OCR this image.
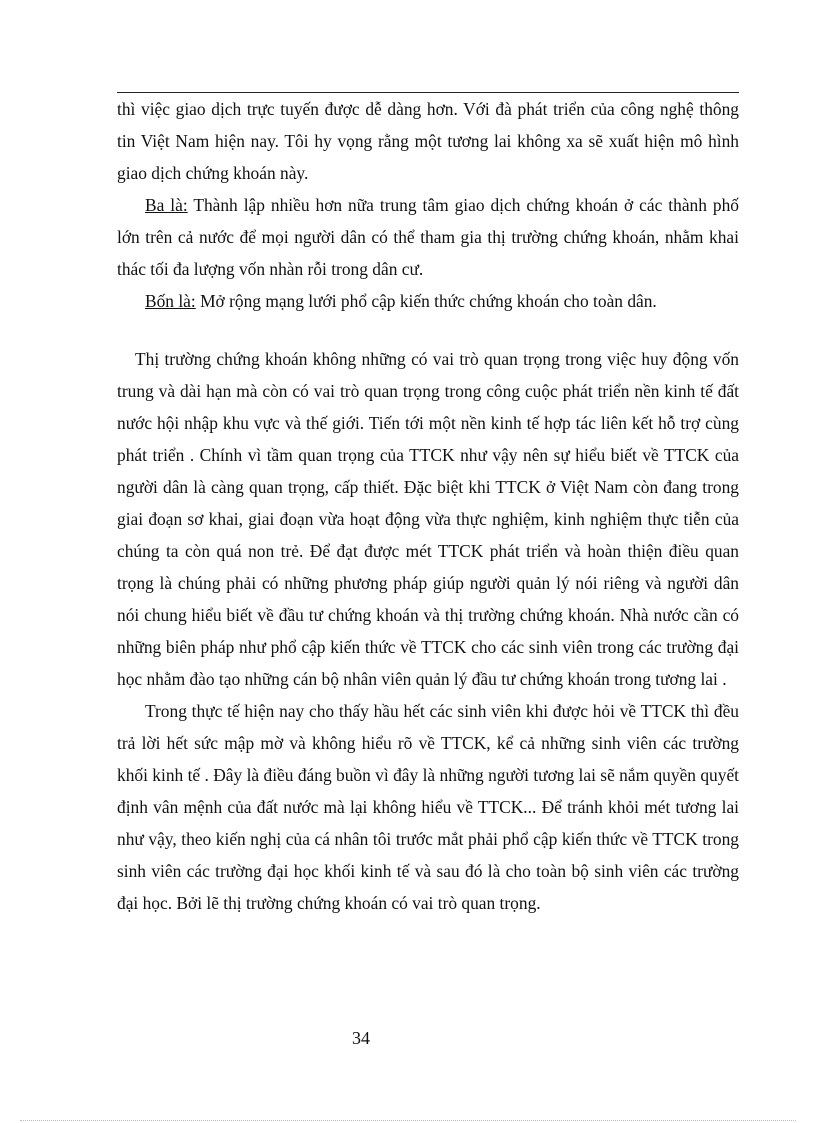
thì việc giao dịch trực tuyến được dễ dàng hơn. Với đà phát triển của công nghệ thông tin Việt Nam hiện nay. Tôi hy vọng rằng một tương lai không xa sẽ xuất hiện mô hình giao dịch chứng khoán này.

Ba là: Thành lập nhiều hơn nữa trung tâm giao dịch chứng khoán ở các thành phố lớn trên cả nước để mọi người dân có thể tham gia thị trường chứng khoán, nhằm khai thác tối đa lượng vốn nhàn rỗi trong dân cư.

Bốn là: Mở rộng mạng lưới phổ cập kiến thức chứng khoán cho toàn dân.

Thị trường chứng khoán không những có vai trò quan trọng trong việc huy động vốn trung và dài hạn mà còn có vai trò quan trọng trong công cuộc phát triển nền kinh tế đất nước hội nhập khu vực và thế giới. Tiến tới một nền kinh tế hợp tác liên kết hỗ trợ cùng phát triển . Chính vì tầm quan trọng của TTCK như vậy nên sự hiểu biết về TTCK của người dân là càng quan trọng, cấp thiết. Đặc biệt khi TTCK ở Việt Nam còn đang trong giai đoạn sơ khai, giai đoạn vừa hoạt động vừa thực nghiệm, kinh nghiệm thực tiễn của chúng ta còn quá non trẻ. Để đạt được mét TTCK phát triển và hoàn thiện điều quan trọng là chúng phải có những phương pháp giúp người quản lý nói riêng và người dân nói chung hiểu biết về đầu tư chứng khoán và thị trường chứng khoán. Nhà nước cần có những biên pháp như phổ cập kiến thức về TTCK cho các sinh viên trong các trường đại học nhằm đào tạo những cán bộ nhân viên quản lý đầu tư chứng khoán trong tương lai .

Trong thực tế hiện nay cho thấy hầu hết các sinh viên khi được hỏi về TTCK thì đều trả lời hết sức mập mờ và không hiểu rõ về TTCK, kể cả những sinh viên các trường khối kinh tế . Đây là điều đáng buồn vì đây là những người tương lai sẽ nắm quyền quyết định vân mệnh của đất nước mà lại không hiểu về TTCK... Để tránh khỏi mét tương lai như vậy, theo kiến nghị của cá nhân tôi trước mắt phải phổ cập kiến thức về TTCK trong sinh viên các trường đại học khối kinh tế và sau đó là cho toàn bộ sinh viên các trường đại học. Bởi lẽ thị trường chứng khoán có vai trò quan trọng.

34
